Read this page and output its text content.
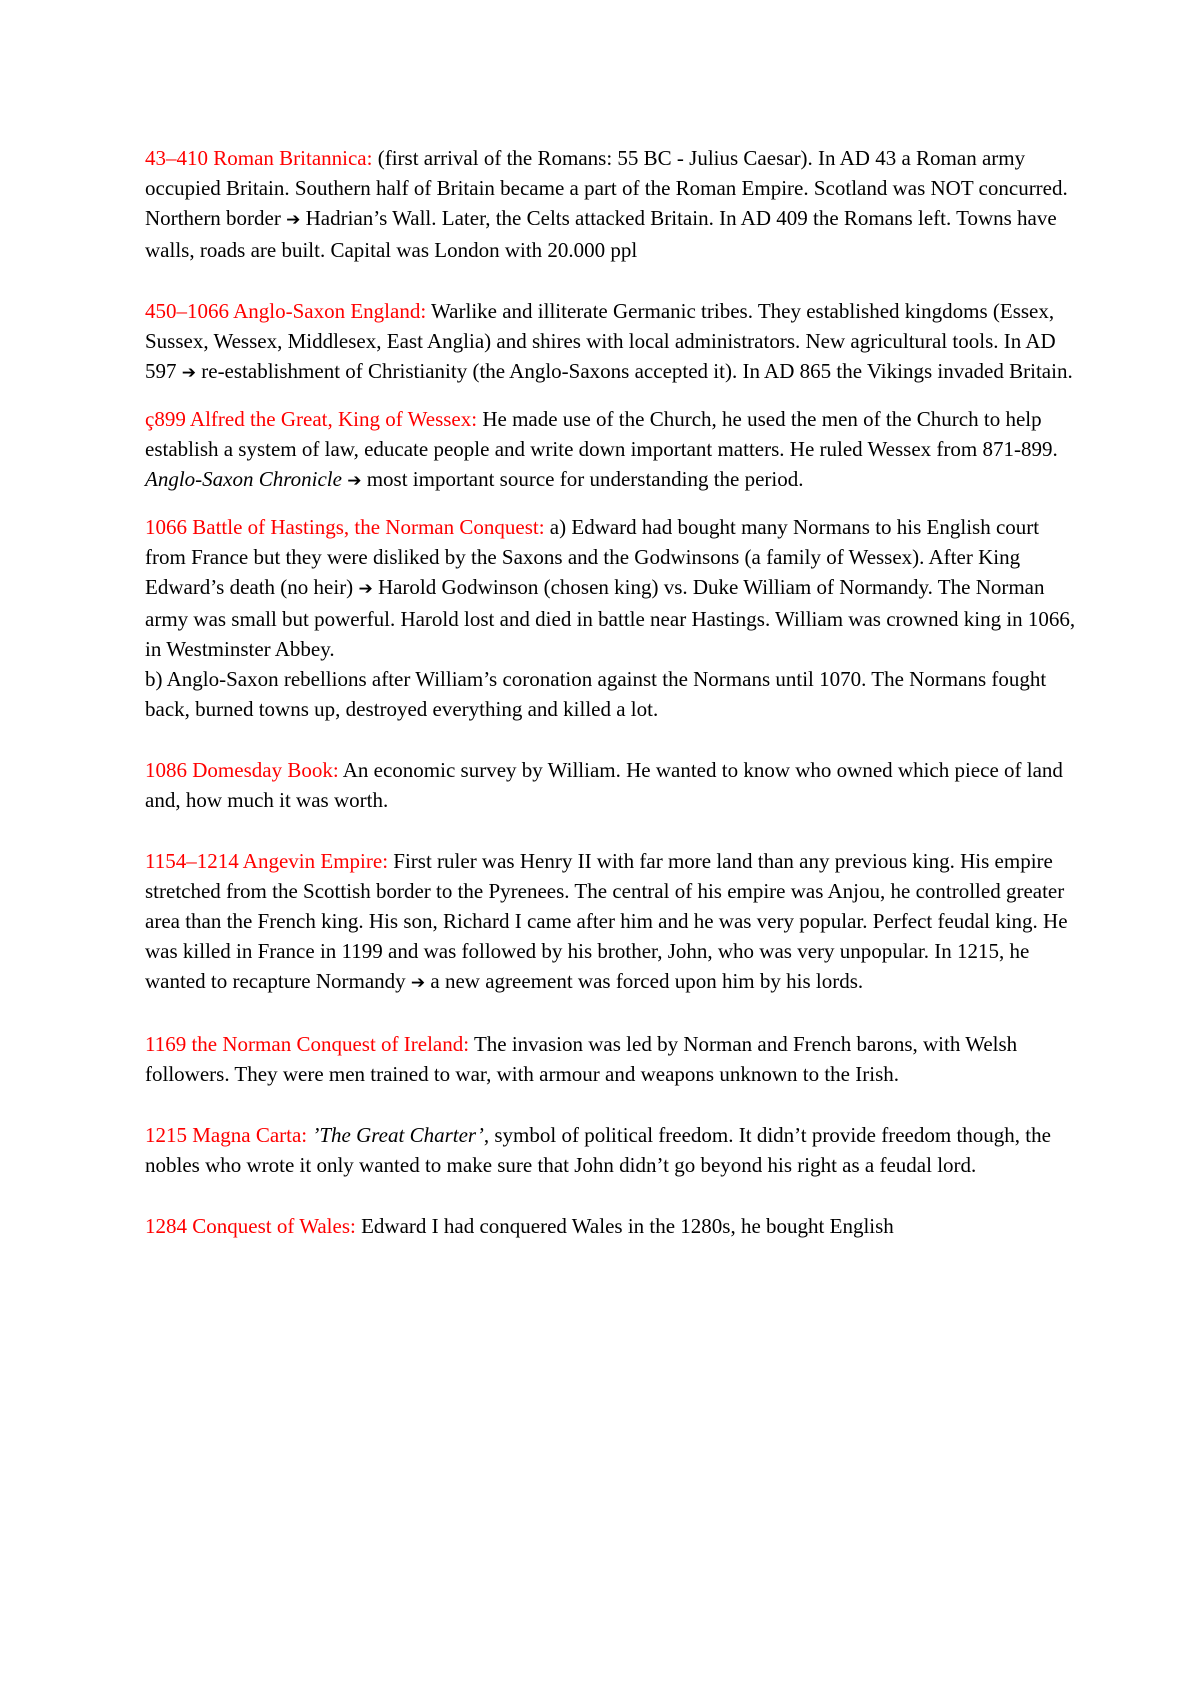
43–410 Roman Britannica: (first arrival of the Romans: 55 BC - Julius Caesar). In AD 43 a Roman army occupied Britain. Southern half of Britain became a part of the Roman Empire. Scotland was NOT concurred. Northern border ➔ Hadrian’s Wall. Later, the Celts attacked Britain. In AD 409 the Romans left. Towns have walls, roads are built. Capital was London with 20.000 ppl

450–1066 Anglo-Saxon England: Warlike and illiterate Germanic tribes. They established kingdoms (Essex, Sussex, Wessex, Middlesex, East Anglia) and shires with local administrators. New agricultural tools. In AD 597 ➔ re-establishment of Christianity (the Anglo-Saxons accepted it). In AD 865 the Vikings invaded Britain.

ç899 Alfred the Great, King of Wessex: He made use of the Church, he used the men of the Church to help establish a system of law, educate people and write down important matters. He ruled Wessex from 871-899. Anglo-Saxon Chronicle ➔ most important source for understanding the period.

1066 Battle of Hastings, the Norman Conquest: a) Edward had bought many Normans to his English court from France but they were disliked by the Saxons and the Godwinsons (a family of Wessex). After King Edward’s death (no heir) ➔ Harold Godwinson (chosen king) vs. Duke William of Normandy. The Norman army was small but powerful. Harold lost and died in battle near Hastings. William was crowned king in 1066, in Westminster Abbey.
b) Anglo-Saxon rebellions after William’s coronation against the Normans until 1070. The Normans fought back, burned towns up, destroyed everything and killed a lot.

1086 Domesday Book: An economic survey by William. He wanted to know who owned which piece of land and, how much it was worth.

1154–1214 Angevin Empire: First ruler was Henry II with far more land than any previous king. His empire stretched from the Scottish border to the Pyrenees. The central of his empire was Anjou, he controlled greater area than the French king. His son, Richard I came after him and he was very popular. Perfect feudal king. He was killed in France in 1199 and was followed by his brother, John, who was very unpopular. In 1215, he wanted to recapture Normandy ➔ a new agreement was forced upon him by his lords.

1169 the Norman Conquest of Ireland: The invasion was led by Norman and French barons, with Welsh followers. They were men trained to war, with armour and weapons unknown to the Irish.

1215 Magna Carta: ’The Great Charter’, symbol of political freedom. It didn’t provide freedom though, the nobles who wrote it only wanted to make sure that John didn’t go beyond his right as a feudal lord.

1284 Conquest of Wales: Edward I had conquered Wales in the 1280s, he bought English
